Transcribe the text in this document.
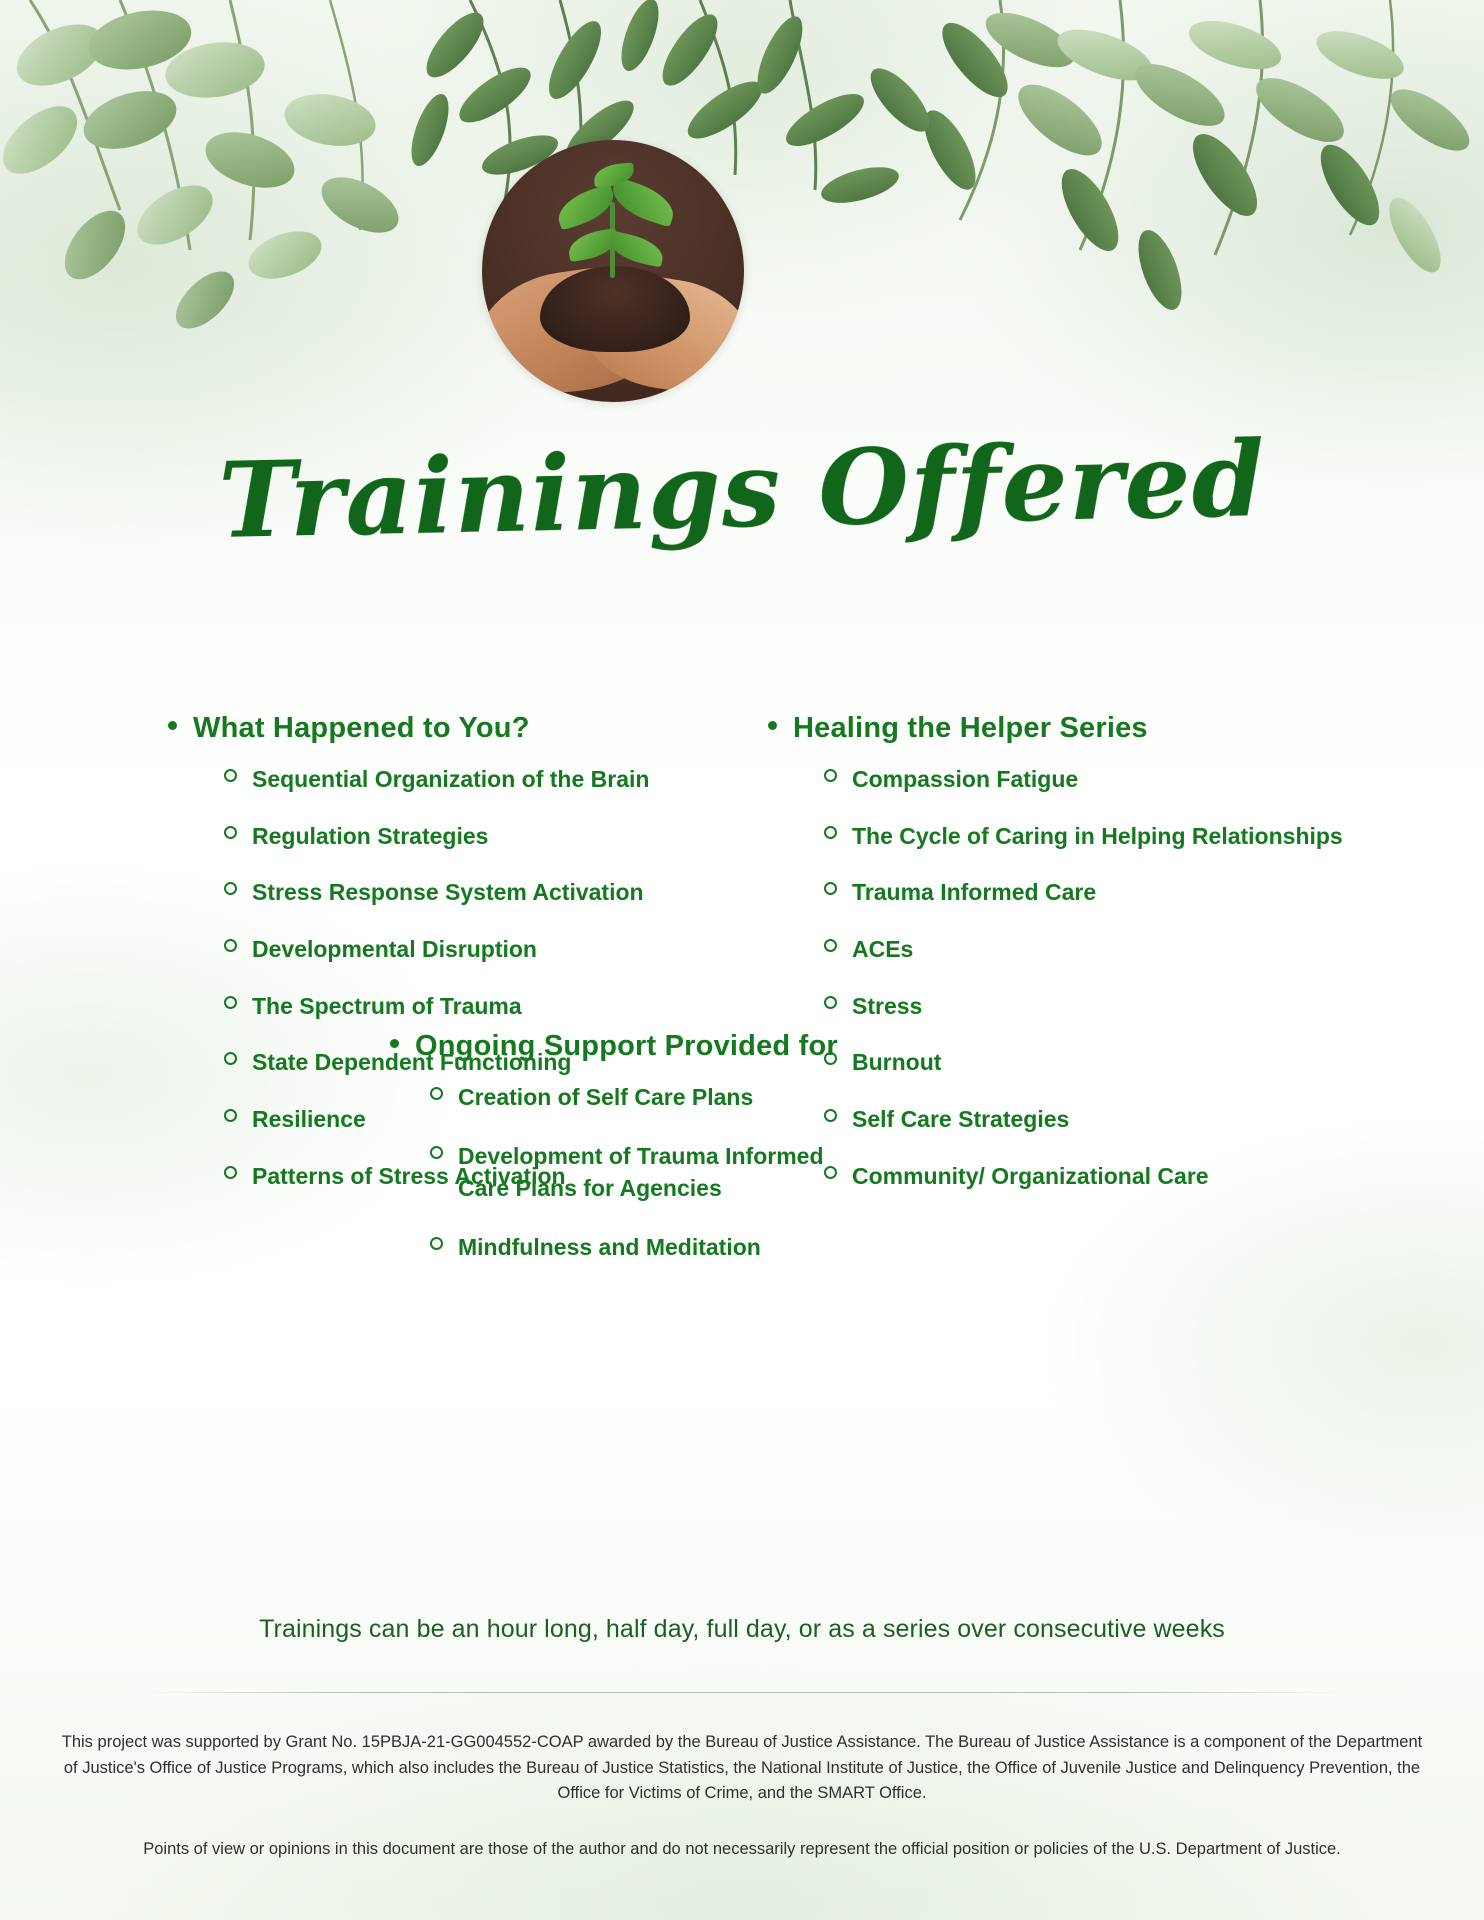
Trainings Offered
What Happened to You?
Sequential Organization of the Brain
Regulation Strategies
Stress Response System Activation
Developmental Disruption
The Spectrum of Trauma
State Dependent Functioning
Resilience
Patterns of Stress Activation
Healing the Helper Series
Compassion Fatigue
The Cycle of Caring in Helping Relationships
Trauma Informed Care
ACEs
Stress
Burnout
Self Care Strategies
Community/ Organizational Care
Ongoing Support Provided for
Creation of Self Care Plans
Development of Trauma Informed Care Plans for Agencies
Mindfulness and Meditation
Trainings can be an hour long, half day, full day, or as a series over consecutive weeks
This project was supported by Grant No. 15PBJA-21-GG004552-COAP awarded by the Bureau of Justice Assistance. The Bureau of Justice Assistance is a component of the Department of Justice's Office of Justice Programs, which also includes the Bureau of Justice Statistics, the National Institute of Justice, the Office of Juvenile Justice and Delinquency Prevention, the Office for Victims of Crime, and the SMART Office.
Points of view or opinions in this document are those of the author and do not necessarily represent the official position or policies of the U.S. Department of Justice.
